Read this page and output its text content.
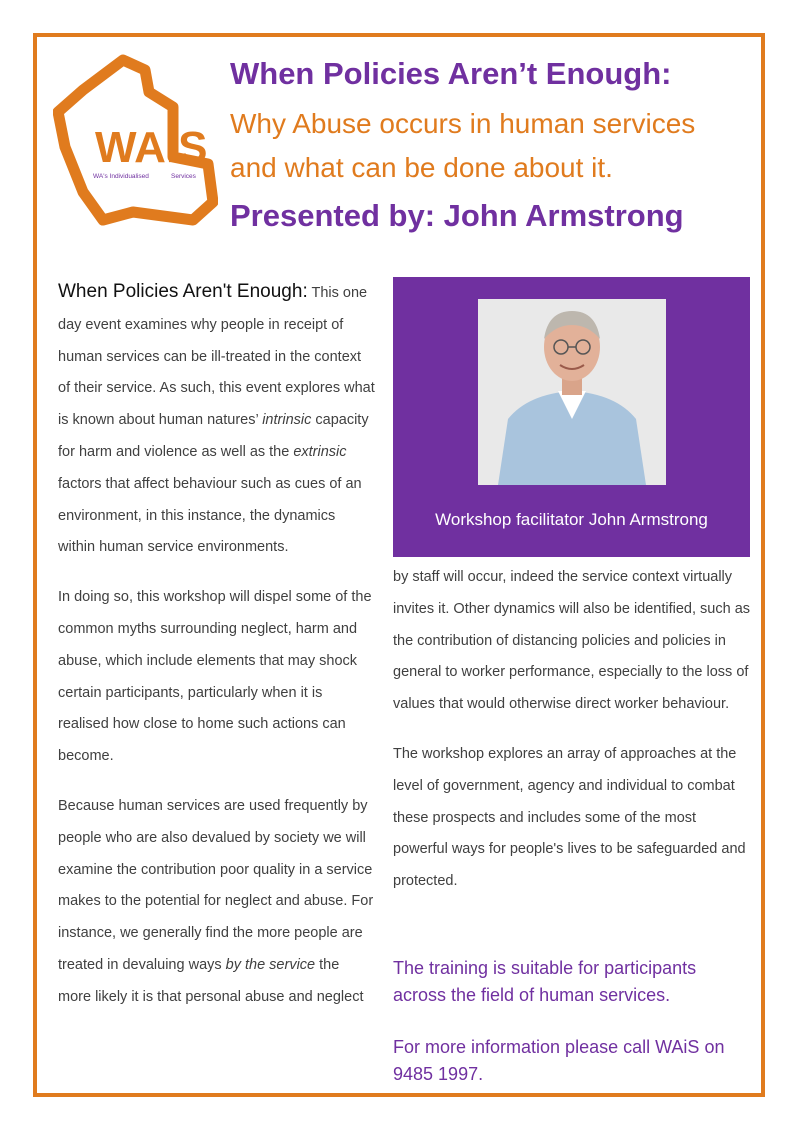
WAiS
WA's Individualised	Services
When Policies Aren’t Enough:
Why Abuse occurs in human services
and what can be done about it.
Presented by: John Armstrong

When Policies Aren't Enough: This one day event examines why people in receipt of human services can be ill-treated in the context of their service. As such, this event explores what is known about human natures’ intrinsic capacity for harm and violence as well as the extrinsic factors that affect behaviour such as cues of an environment, in this instance, the dynamics within human service environments.

In doing so, this workshop will dispel some of the common myths surrounding neglect, harm and abuse, which include elements that may shock certain participants, particularly when it is realised how close to home such actions can become.

Because human services are used frequently by people who are also devalued by society we will examine the contribution poor quality in a service makes to the potential for neglect and abuse. For instance, we generally find the more people are treated in devaluing ways by the service the more likely it is that personal abuse and neglect

Workshop facilitator John Armstrong

by staff will occur, indeed the service context virtually invites it. Other dynamics will also be identified, such as the contribution of distancing policies and policies in general to worker performance, especially to the loss of values that would otherwise direct worker behaviour.

The workshop explores an array of approaches at the level of government, agency and individual to combat these prospects and includes some of the most powerful ways for people's lives to be safeguarded and protected.

The training is suitable for participants across the field of human services.
For more information please call WAiS on 9485 1997.
